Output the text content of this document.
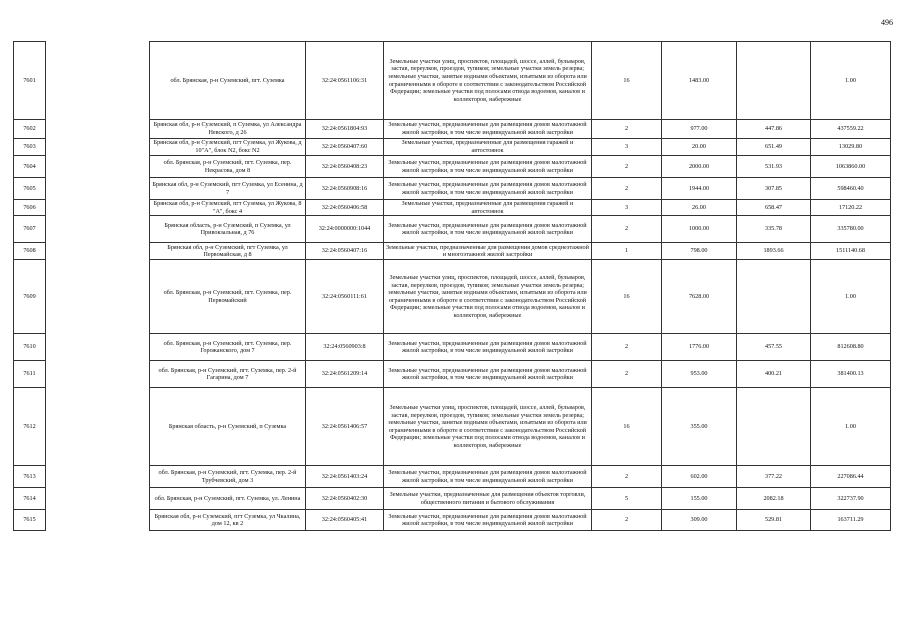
496
7601		обл. Брянская, р-н Суземский, пгт. Суземка	32:24:0561106:31	Земельные участки улиц, проспектов, площадей, шоссе, аллей, бульваров, застав, переулков, проездов, тупиков; земельные участки земель резерва; земельные участки, занятые водными объектами, изъятыми из оборота или ограниченными в обороте в соответствии с законодательством Российской Федерации; земельные участки под полосами отвода водоемов, каналов и коллекторов, набережные	16	1483.00		1.00
7602		Брянская обл, р-н Суземский, п Суземка, ул Александра Невского, д 26	32:24:0561804:93	Земельные участки, предназначенные для размещения домов малоэтажной жилой застройки, в том числе индивидуальной жилой застройки	2	977.00	447.86	437559.22
7603		Брянская обл, р-н Суземский, пгт Суземка, ул Жукова, д 10"А", блок N2, бокс N2	32:24:0560407:60	Земельные участки, предназначенные для размещения гаражей и автостоянок	3	20.00	651.49	13029.80
7604		обл. Брянская, р-н Суземский, пгт. Суземка, пер. Некрасова, дом 8	32:24:0560408:23	Земельные участки, предназначенные для размещения домов малоэтажной жилой застройки, в том числе индивидуальной жилой застройки	2	2000.00	531.93	1063860.00
7605		Брянская обл, р-н Суземский, пгт Суземка, ул Есенина, д 7	32:24:0560908:16	Земельные участки, предназначенные для размещения домов малоэтажной жилой застройки, в том числе индивидуальной жилой застройки	2	1944.00	307.85	598460.40
7606		Брянская обл, р-н Суземский, пгт Суземка, ул Жукова, 8 "А", бокс 4	32:24:0560406:58	Земельные участки, предназначенные для размещения гаражей и автостоянок	3	26.00	658.47	17120.22
7607		Брянская область, р-н Суземский, п Суземка, ул Привокзальная, д 76	32:24:0000000:1044	Земельные участки, предназначенные для размещения домов малоэтажной жилой застройки, в том числе индивидуальной жилой застройки	2	1000.00	335.78	335780.00
7608		Брянская обл, р-н Суземский, пгт Суземка, ул Первомайская, д 8	32:24:0560407:16	Земельные участки, предназначенные для размещения домов среднеэтажной и многоэтажной жилой застройки	1	798.00	1893.66	1511140.68
7609		обл. Брянская, р-н Суземский, пгт. Суземка, пер. Первомайский	32:24:0560111:61	Земельные участки улиц, проспектов, площадей, шоссе, аллей, бульваров, застав, переулков, проездов, тупиков; земельные участки земель резерва; земельные участки, занятые водными объектами, изъятыми из оборота или ограниченными в обороте в соответствии с законодательством Российской Федерации; земельные участки под полосами отвода водоемов, каналов и коллекторов, набережные	16	7628.00		1.00
7610		обл. Брянская, р-н Суземский, пгт. Суземка, пер. Горожанского, дом 7	32:24:0560903:8	Земельные участки, предназначенные для размещения домов малоэтажной жилой застройки, в том числе индивидуальной жилой застройки	2	1776.00	457.55	812608.80
7611		обл. Брянская, р-н Суземский, пгт. Суземка, пер. 2-й Гагарина, дом 7	32:24:0561209:14	Земельные участки, предназначенные для размещения домов малоэтажной жилой застройки, в том числе индивидуальной жилой застройки	2	953.00	400.21	381400.13
7612		Брянская область, р-н Суземский, п Суземка	32:24:0561406:57	Земельные участки улиц, проспектов, площадей, шоссе, аллей, бульваров, застав, переулков, проездов, тупиков; земельные участки земель резерва; земельные участки, занятые водными объектами, изъятыми из оборота или ограниченными в обороте в соответствии с законодательством Российской Федерации; земельные участки под полосами отвода водоемов, каналов и коллекторов, набережные	16	355.00		1.00
7613		обл. Брянская, р-н Суземский, пгт. Суземка, пер. 2-й Трубчевский, дом 3	32:24:0561403:24	Земельные участки, предназначенные для размещения домов малоэтажной жилой застройки, в том числе индивидуальной жилой застройки	2	602.00	377.22	227086.44
7614		обл. Брянская, р-н Суземский, пгт. Суземка, ул. Ленина	32:24:0560402:30	Земельные участки, предназначенные для размещения объектов торговли, общественного питания и бытового обслуживания	5	155.00	2082.18	322737.90
7615		Брянская обл, р-н Суземский, пгт Суземка, ул Чкалина, дом 12, кв 2	32:24:0560405:41	Земельные участки, предназначенные для размещения домов малоэтажной жилой застройки, в том числе индивидуальной жилой застройки	2	309.00	529.81	163711.29
